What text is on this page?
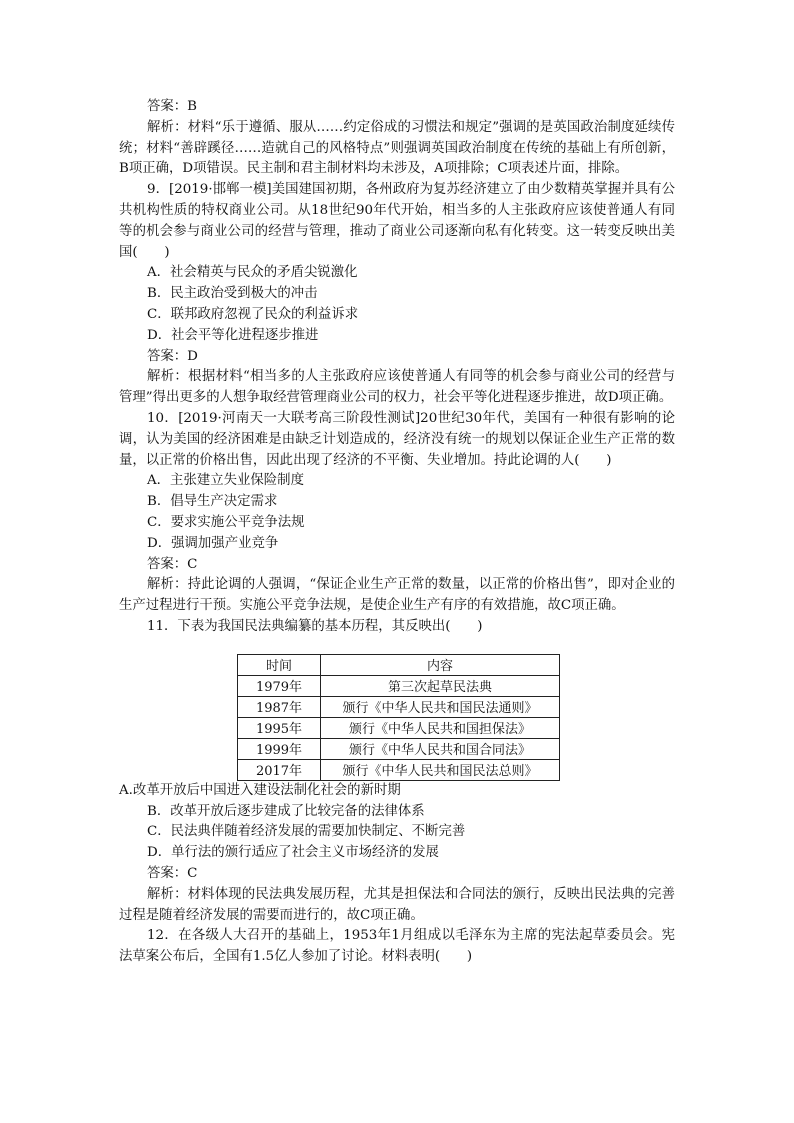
答案：B

解析：材料“乐于遵循、服从……约定俗成的习惯法和规定”强调的是英国政治制度延续传统；材料“善辟蹊径……造就自己的风格特点”则强调英国政治制度在传统的基础上有所创新，B项正确，D项错误。民主制和君主制材料均未涉及，A项排除；C项表述片面，排除。

9．[2019·邯郸一模]美国建国初期，各州政府为复苏经济建立了由少数精英掌握并具有公共机构性质的特权商业公司。从18世纪90年代开始，相当多的人主张政府应该使普通人有同等的机会参与商业公司的经营与管理，推动了商业公司逐渐向私有化转变。这一转变反映出美国(　　)

A．社会精英与民众的矛盾尖锐激化
B．民主政治受到极大的冲击
C．联邦政府忽视了民众的利益诉求
D．社会平等化进程逐步推进

答案：D

解析：根据材料“相当多的人主张政府应该使普通人有同等的机会参与商业公司的经营与管理”得出更多的人想争取经营管理商业公司的权力，社会平等化进程逐步推进，故D项正确。

10．[2019·河南天一大联考高三阶段性测试]20世纪30年代，美国有一种很有影响的论调，认为美国的经济困难是由缺乏计划造成的，经济没有统一的规划以保证企业生产正常的数量，以正常的价格出售，因此出现了经济的不平衡、失业增加。持此论调的人(　　)

A．主张建立失业保险制度
B．倡导生产决定需求
C．要求实施公平竞争法规
D．强调加强产业竞争

答案：C

解析：持此论调的人强调，“保证企业生产正常的数量，以正常的价格出售”，即对企业的生产过程进行干预。实施公平竞争法规，是使企业生产有序的有效措施，故C项正确。

11．下表为我国民法典编纂的基本历程，其反映出(　　)

时间	内容
1979年	第三次起草民法典
1987年	颁行《中华人民共和国民法通则》
1995年	颁行《中华人民共和国担保法》
1999年	颁行《中华人民共和国合同法》
2017年	颁行《中华人民共和国民法总则》
A.改革开放后中国进入建设法制化社会的新时期
B．改革开放后逐步建成了比较完备的法律体系
C．民法典伴随着经济发展的需要加快制定、不断完善
D．单行法的颁行适应了社会主义市场经济的发展

答案：C

解析：材料体现的民法典发展历程，尤其是担保法和合同法的颁行，反映出民法典的完善过程是随着经济发展的需要而进行的，故C项正确。

12．在各级人大召开的基础上，1953年1月组成以毛泽东为主席的宪法起草委员会。宪法草案公布后，全国有1.5亿人参加了讨论。材料表明(　　)
